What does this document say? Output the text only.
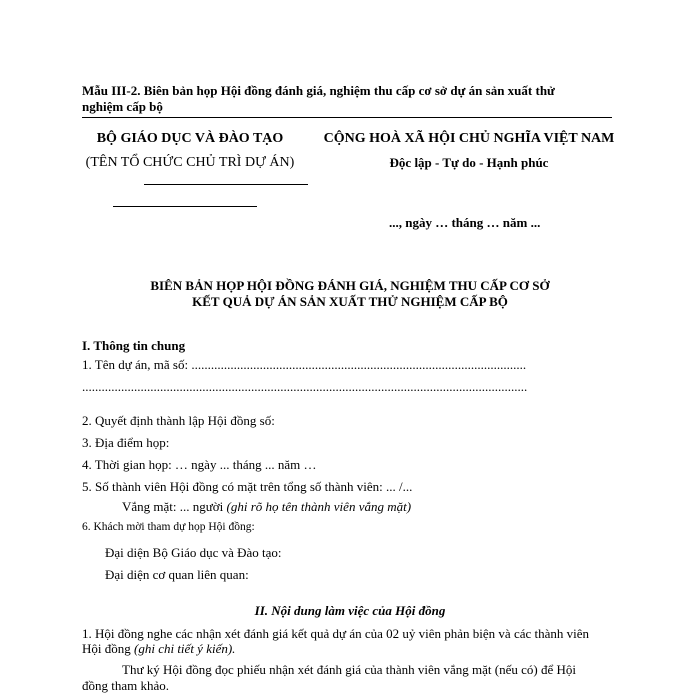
Mẫu III-2. Biên bản họp Hội đồng đánh giá, nghiệm thu cấp cơ sở dự án sản xuất thử
nghiệm cấp bộ
BỘ GIÁO DỤC VÀ ĐÀO TẠO
(TÊN TỔ CHỨC CHỦ TRÌ DỰ ÁN)
CỘNG HOÀ XÃ HỘI CHỦ NGHĨA VIỆT NAM
Độc lập - Tự do - Hạnh phúc
..., ngày … tháng … năm ...
BIÊN BẢN HỌP HỘI ĐỒNG ĐÁNH GIÁ, NGHIỆM THU CẤP CƠ SỞ
KẾT QUẢ DỰ ÁN SẢN XUẤT THỬ NGHIỆM CẤP BỘ
I. Thông tin chung
1. Tên dự án, mã số: .......................................................................................................
.........................................................................................................................................
2. Quyết định thành lập Hội đồng số:
3. Địa điểm họp:
4. Thời gian họp: … ngày ... tháng ... năm …
5. Số thành viên Hội đồng có mặt trên tổng số thành viên: ... /...
Vắng mặt: ... người (ghi rõ họ tên thành viên vắng mặt)
6. Khách mời tham dự họp Hội đồng:
Đại diện Bộ Giáo dục và Đào tạo:
Đại diện cơ quan liên quan:
II. Nội dung làm việc của Hội đồng
1. Hội đồng nghe các nhận xét đánh giá kết quả dự án của 02 uỷ viên phản biện và các thành viên
Hội đồng (ghi chi tiết ý kiến).
Thư ký Hội đồng đọc phiếu nhận xét đánh giá của thành viên vắng mặt (nếu có) để Hội
đồng tham khảo.
